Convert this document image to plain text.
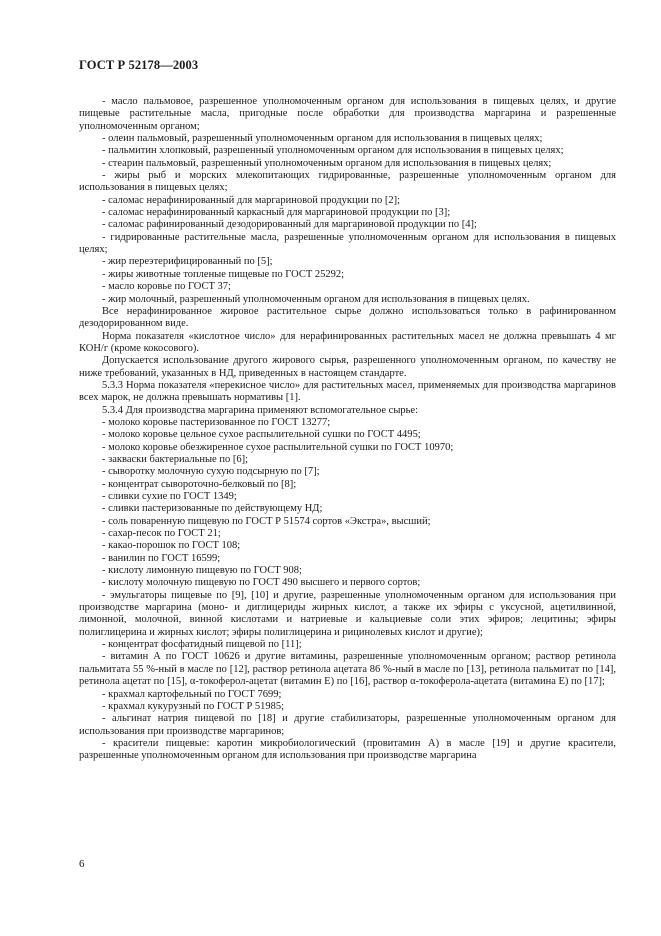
ГОСТ Р 52178—2003

- масло пальмовое, разрешенное уполномоченным органом для использования в пищевых целях, и другие пищевые растительные масла, пригодные после обработки для производства маргарина и разрешенные уполномоченным органом;

- олеин пальмовый, разрешенный уполномоченным органом для использования в пищевых целях;

- пальмитин хлопковый, разрешенный уполномоченным органом для использования в пищевых целях;

- стеарин пальмовый, разрешенный уполномоченным органом для использования в пищевых целях;

- жиры рыб и морских млекопитающих гидрированные, разрешенные уполномоченным органом для использования в пищевых целях;

- саломас нерафинированный для маргариновой продукции по [2];

- саломас нерафинированный каркасный для маргариновой продукции по [3];

- саломас рафинированный дезодорированный для маргариновой продукции по [4];

- гидрированные растительные масла, разрешенные уполномоченным органом для использования в пищевых целях;

- жир переэтерифицированный по [5];

- жиры животные топленые пищевые по ГОСТ 25292;

- масло коровье по ГОСТ 37;

- жир молочный, разрешенный уполномоченным органом для использования в пищевых целях.

Все нерафинированное жировое растительное сырье должно использоваться только в рафинированном дезодорированном виде.

Норма показателя «кислотное число» для нерафинированных растительных масел не должна превышать 4 мг КОН/г (кроме кокосового).

Допускается использование другого жирового сырья, разрешенного уполномоченным органом, по качеству не ниже требований, указанных в НД, приведенных в настоящем стандарте.

5.3.3 Норма показателя «перекисное число» для растительных масел, применяемых для производства маргаринов всех марок, не должна превышать нормативы [1].

5.3.4 Для производства маргарина применяют вспомогательное сырье:

- молоко коровье пастеризованное по ГОСТ 13277;

- молоко коровье цельное сухое распылительной сушки по ГОСТ 4495;

- молоко коровье обезжиренное сухое распылительной сушки по ГОСТ 10970;

- закваски бактериальные по [6];

- сыворотку молочную сухую подсырную по [7];

- концентрат сывороточно-белковый по [8];

- сливки сухие по ГОСТ 1349;

- сливки пастеризованные по действующему НД;

- соль поваренную пищевую по ГОСТ Р 51574 сортов «Экстра», высший;

- сахар-песок по ГОСТ 21;

- какао-порошок по ГОСТ 108;

- ванилин по ГОСТ 16599;

- кислоту лимонную пищевую по ГОСТ 908;

- кислоту молочную пищевую по ГОСТ 490 высшего и первого сортов;

- эмульгаторы пищевые по [9], [10] и другие, разрешенные уполномоченным органом для использования при производстве маргарина (моно- и диглицериды жирных кислот, а также их эфиры с уксусной, ацетилвинной, лимонной, молочной, винной кислотами и натриевые и кальциевые соли этих эфиров; лецитины; эфиры полиглицерина и жирных кислот; эфиры полиглицерина и рицинолевых кислот и другие);

- концентрат фосфатидный пищевой по [11];

- витамин А по ГОСТ 10626 и другие витамины, разрешенные уполномоченным органом; раствор ретинола пальмитата 55 %-ный в масле по [12], раствор ретинола ацетата 86 %-ный в масле по [13], ретинола пальмитат по [14], ретинола ацетат по [15], α-токоферол-ацетат (витамин Е) по [16], раствор α-токоферола-ацетата (витамина Е) по [17];

- крахмал картофельный по ГОСТ 7699;

- крахмал кукурузный по ГОСТ Р 51985;

- альгинат натрия пищевой по [18] и другие стабилизаторы, разрешенные уполномоченным органом для использования при производстве маргаринов;

- красители пищевые: каротин микробиологический (провитамин А) в масле [19] и другие красители, разрешенные уполномоченным органом для использования при производстве маргарина

6
